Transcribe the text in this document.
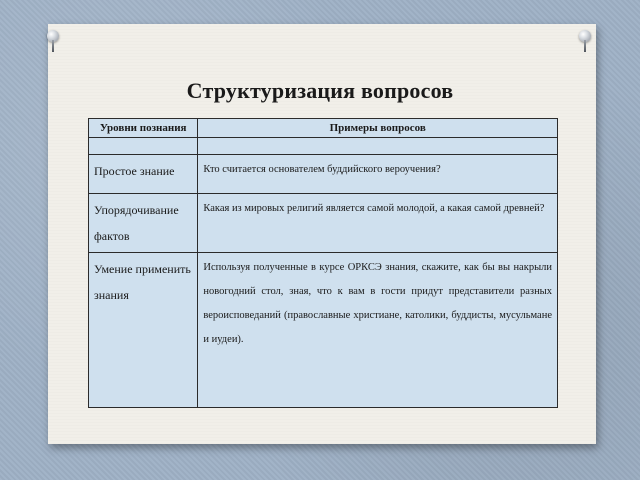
Структуризация вопросов
Уровни познания	Примеры вопросов

Простое знание	Кто считается основателем буддийского вероучения?
Упорядочивание фактов	Какая из мировых религий является самой молодой, а какая самой древней?
Умение применить знания	Используя полученные в курсе ОРКСЭ знания, скажите, как бы вы накрыли новогодний стол, зная, что к вам в гости придут представители разных вероисповеданий (православные христиане, католики, буддисты, мусульмане и иудеи).
